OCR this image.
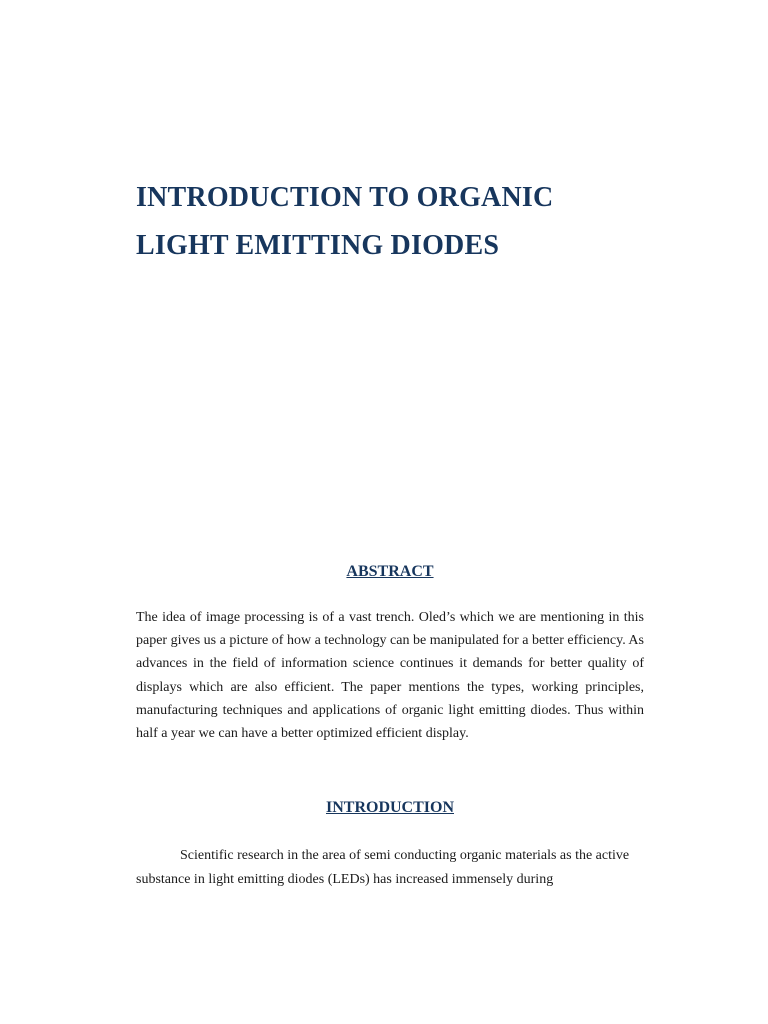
INTRODUCTION TO ORGANIC
LIGHT EMITTING DIODES
ABSTRACT

The idea of image processing is of a vast trench. Oled’s which we are mentioning in this paper gives us a picture of how a technology can be manipulated for a better efficiency. As advances in the field of information science continues it demands for better quality of displays which are also efficient. The paper mentions the types, working principles, manufacturing techniques and applications of organic light emitting diodes. Thus within half a year we can have a better optimized efficient display.

INTRODUCTION

Scientific research in the area of semi conducting organic materials as the active substance in light emitting diodes (LEDs) has increased immensely during
